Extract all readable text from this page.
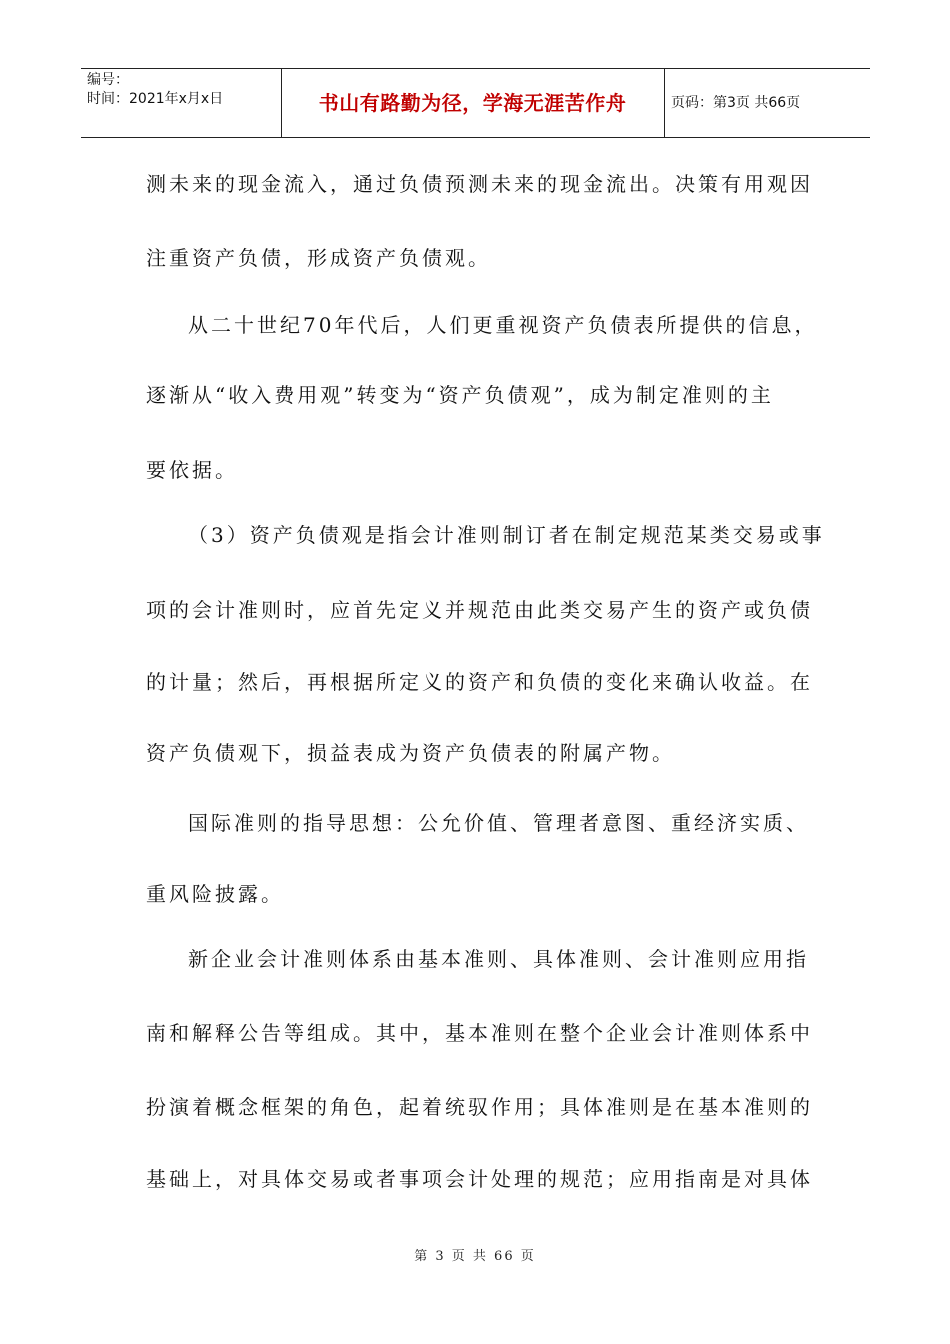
编号：
时间：2021年x月x日	书山有路勤为径，学海无涯苦作舟	页码：第3页 共66页
测未来的现金流入，通过负债预测未来的现金流出。决策有用观因
注重资产负债，形成资产负债观。
从二十世纪70年代后，人们更重视资产负债表所提供的信息，
逐渐从“收入费用观”转变为“资产负债观”，成为制定准则的主
要依据。
（3）资产负债观是指会计准则制订者在制定规范某类交易或事
项的会计准则时，应首先定义并规范由此类交易产生的资产或负债
的计量；然后，再根据所定义的资产和负债的变化来确认收益。在
资产负债观下，损益表成为资产负债表的附属产物。
国际准则的指导思想：公允价值、管理者意图、重经济实质、
重风险披露。
新企业会计准则体系由基本准则、具体准则、会计准则应用指
南和解释公告等组成。其中，基本准则在整个企业会计准则体系中
扮演着概念框架的角色，起着统驭作用；具体准则是在基本准则的
基础上，对具体交易或者事项会计处理的规范；应用指南是对具体
第 3 页 共 66 页
